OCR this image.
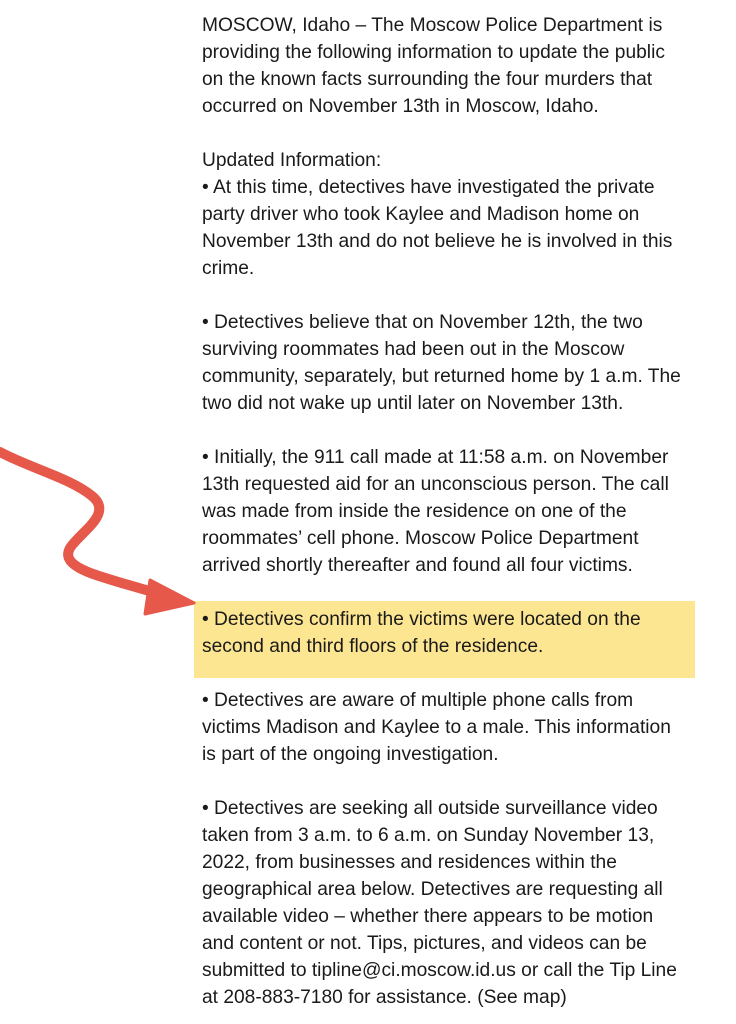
MOSCOW, Idaho – The Moscow Police Department is

providing the following information to update the public

on the known facts surrounding the four murders that

occurred on November 13th in Moscow, Idaho.

Updated Information:

• At this time, detectives have investigated the private

party driver who took Kaylee and Madison home on

November 13th and do not believe he is involved in this

crime.

• Detectives believe that on November 12th, the two

surviving roommates had been out in the Moscow

community, separately, but returned home by 1 a.m. The

two did not wake up until later on November 13th.

• Initially, the 911 call made at 11:58 a.m. on November

13th requested aid for an unconscious person. The call

was made from inside the residence on one of the

roommates’ cell phone. Moscow Police Department

arrived shortly thereafter and found all four victims.

• Detectives confirm the victims were located on the

second and third floors of the residence.

• Detectives are aware of multiple phone calls from

victims Madison and Kaylee to a male. This information

is part of the ongoing investigation.

• Detectives are seeking all outside surveillance video

taken from 3 a.m. to 6 a.m. on Sunday November 13,

2022, from businesses and residences within the

geographical area below. Detectives are requesting all

available video – whether there appears to be motion

and content or not. Tips, pictures, and videos can be

submitted to tipline@ci.moscow.id.us or call the Tip Line

at 208-883-7180 for assistance. (See map)
